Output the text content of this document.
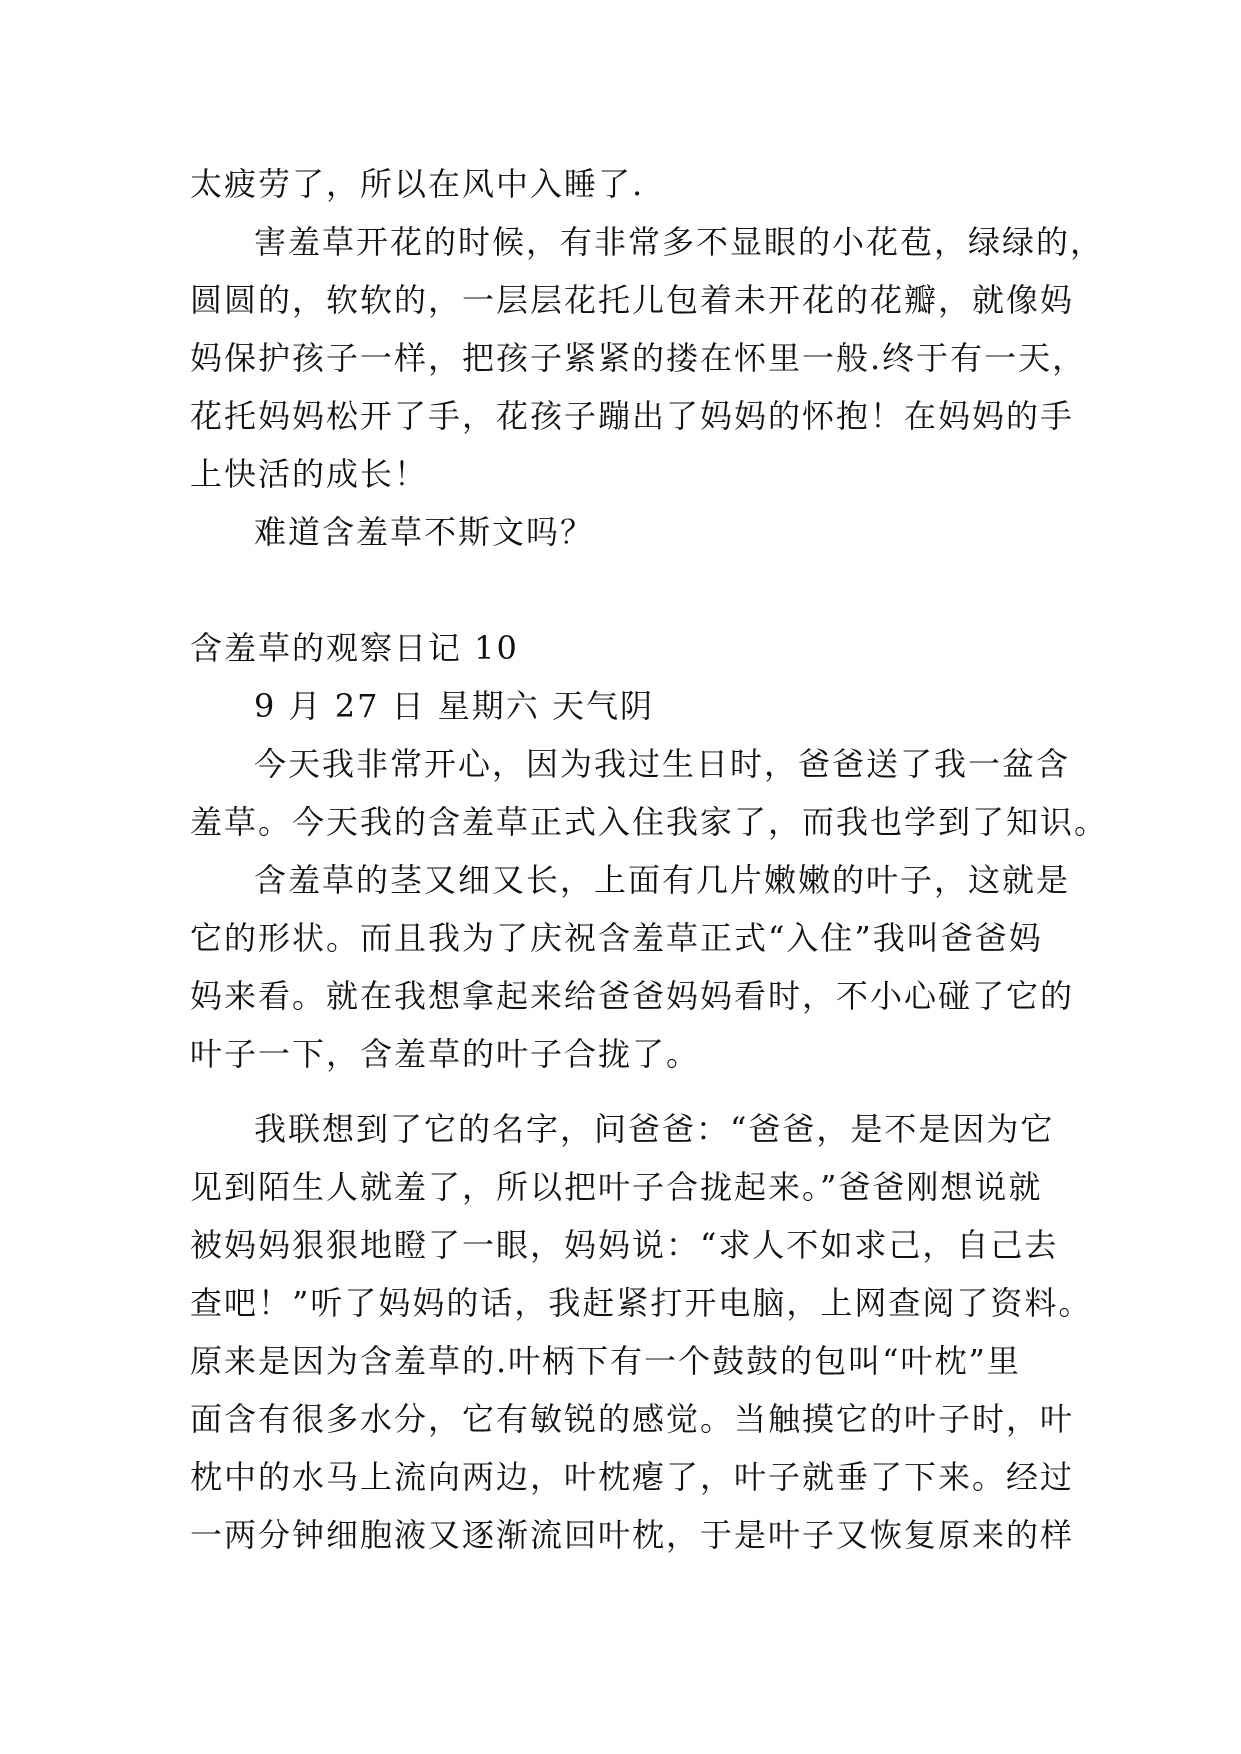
太疲劳了，所以在风中入睡了.
害羞草开花的时候，有非常多不显眼的小花苞，绿绿的，
圆圆的，软软的，一层层花托儿包着未开花的花瓣，就像妈
妈保护孩子一样，把孩子紧紧的搂在怀里一般.终于有一天，
花托妈妈松开了手，花孩子蹦出了妈妈的怀抱！在妈妈的手
上快活的成长！
难道含羞草不斯文吗？
含羞草的观察日记 10
9 月 27 日 星期六 天气阴
今天我非常开心，因为我过生日时，爸爸送了我一盆含
羞草。今天我的含羞草正式入住我家了，而我也学到了知识。
含羞草的茎又细又长，上面有几片嫩嫩的叶子，这就是
它的形状。而且我为了庆祝含羞草正式“入住”我叫爸爸妈
妈来看。就在我想拿起来给爸爸妈妈看时，不小心碰了它的
叶子一下，含羞草的叶子合拢了。
我联想到了它的名字，问爸爸：“爸爸，是不是因为它
见到陌生人就羞了，所以把叶子合拢起来。”爸爸刚想说就
被妈妈狠狠地瞪了一眼，妈妈说：“求人不如求己，自己去
查吧！”听了妈妈的话，我赶紧打开电脑，上网查阅了资料。
原来是因为含羞草的.叶柄下有一个鼓鼓的包叫“叶枕”里
面含有很多水分，它有敏锐的感觉。当触摸它的叶子时，叶
枕中的水马上流向两边，叶枕瘪了，叶子就垂了下来。经过
一两分钟细胞液又逐渐流回叶枕，于是叶子又恢复原来的样
